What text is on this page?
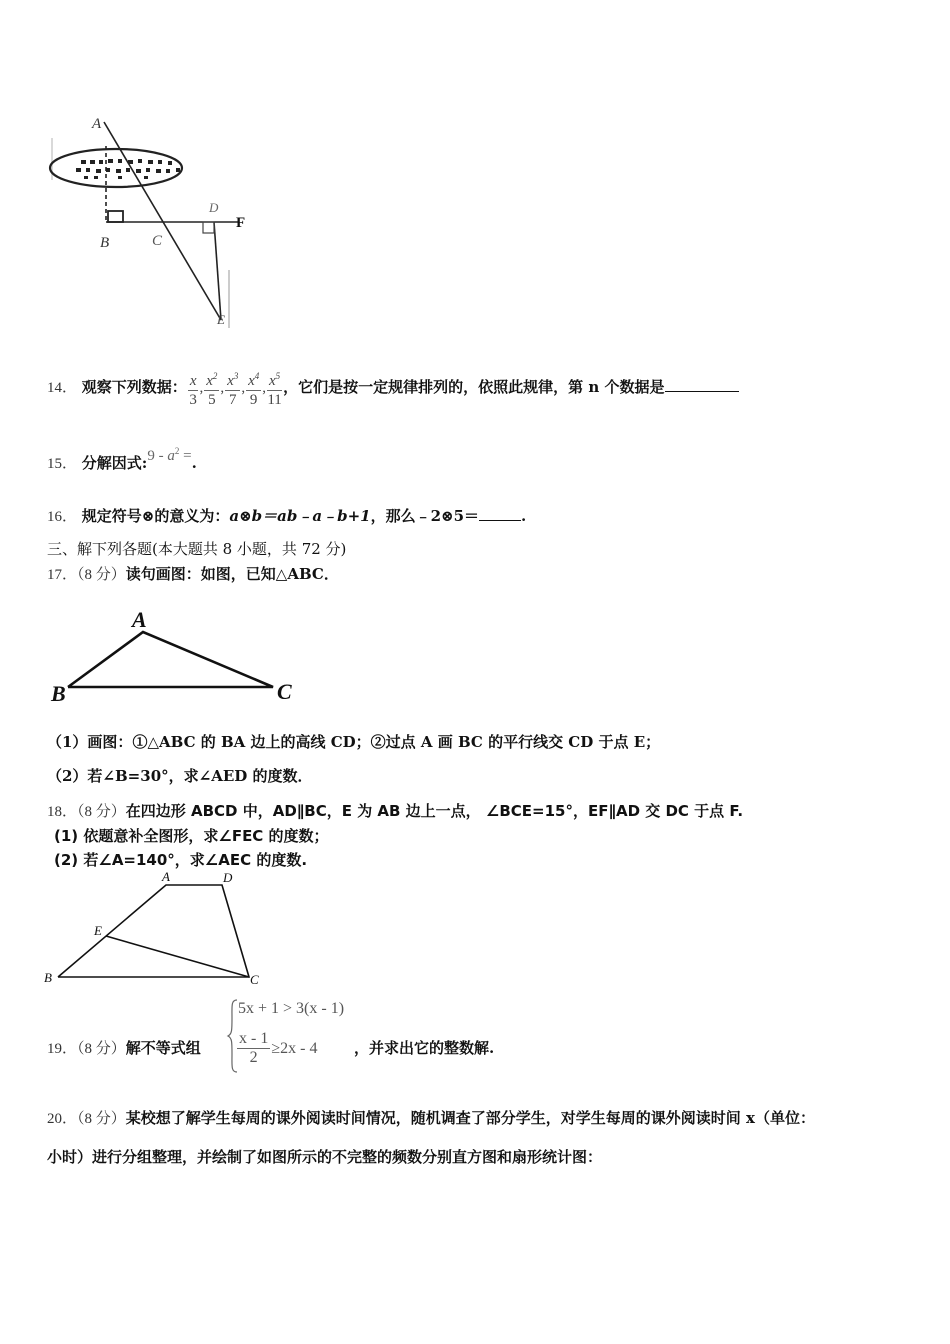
A
B	C
D
F
E
14． 观察下列数据： $\frac{x}{3}$ , $\frac{x^2}{5}$ , $\frac{x^3}{7}$ , $\frac{x^4}{9}$ , $\frac{x^5}{11}$ ，它们是按一定规律排列的，依照此规律，第 n 个数据是
15． 分解因式:9 - $a^2$ =.
16． 规定符号⊗的意义为：a⊗b＝ab﹣a﹣b+1，那么﹣2⊗5＝	.
三、解下列各题(本大题共 8 小题，共 72 分)
17．（8 分）读句画图：如图，已知△ABC．
A
B	C
（1）画图：①△ABC 的 BA 边上的高线 CD；②过点 A 画 BC 的平行线交 CD 于点 E；
（2）若∠B=30°，求∠AED 的度数．
18．（8 分）在四边形 ABCD 中，AD∥BC，E 为 AB 边上一点， ∠BCE=15°，EF∥AD 交 DC 于点 F.
(1) 依题意补全图形，求∠FEC 的度数；
(2) 若∠A=140°，求∠AEC 的度数.
A	D
E
B	C
19．（8 分）解不等式组
5x + 1 > 3(x - 1)
$\frac{x - 1}{2} \ge 2x - 4$ ，并求出它的整数解.
20．（8 分）某校想了解学生每周的课外阅读时间情况，随机调查了部分学生，对学生每周的课外阅读时间 x（单位：
小时）进行分组整理，并绘制了如图所示的不完整的频数分别直方图和扇形统计图：
